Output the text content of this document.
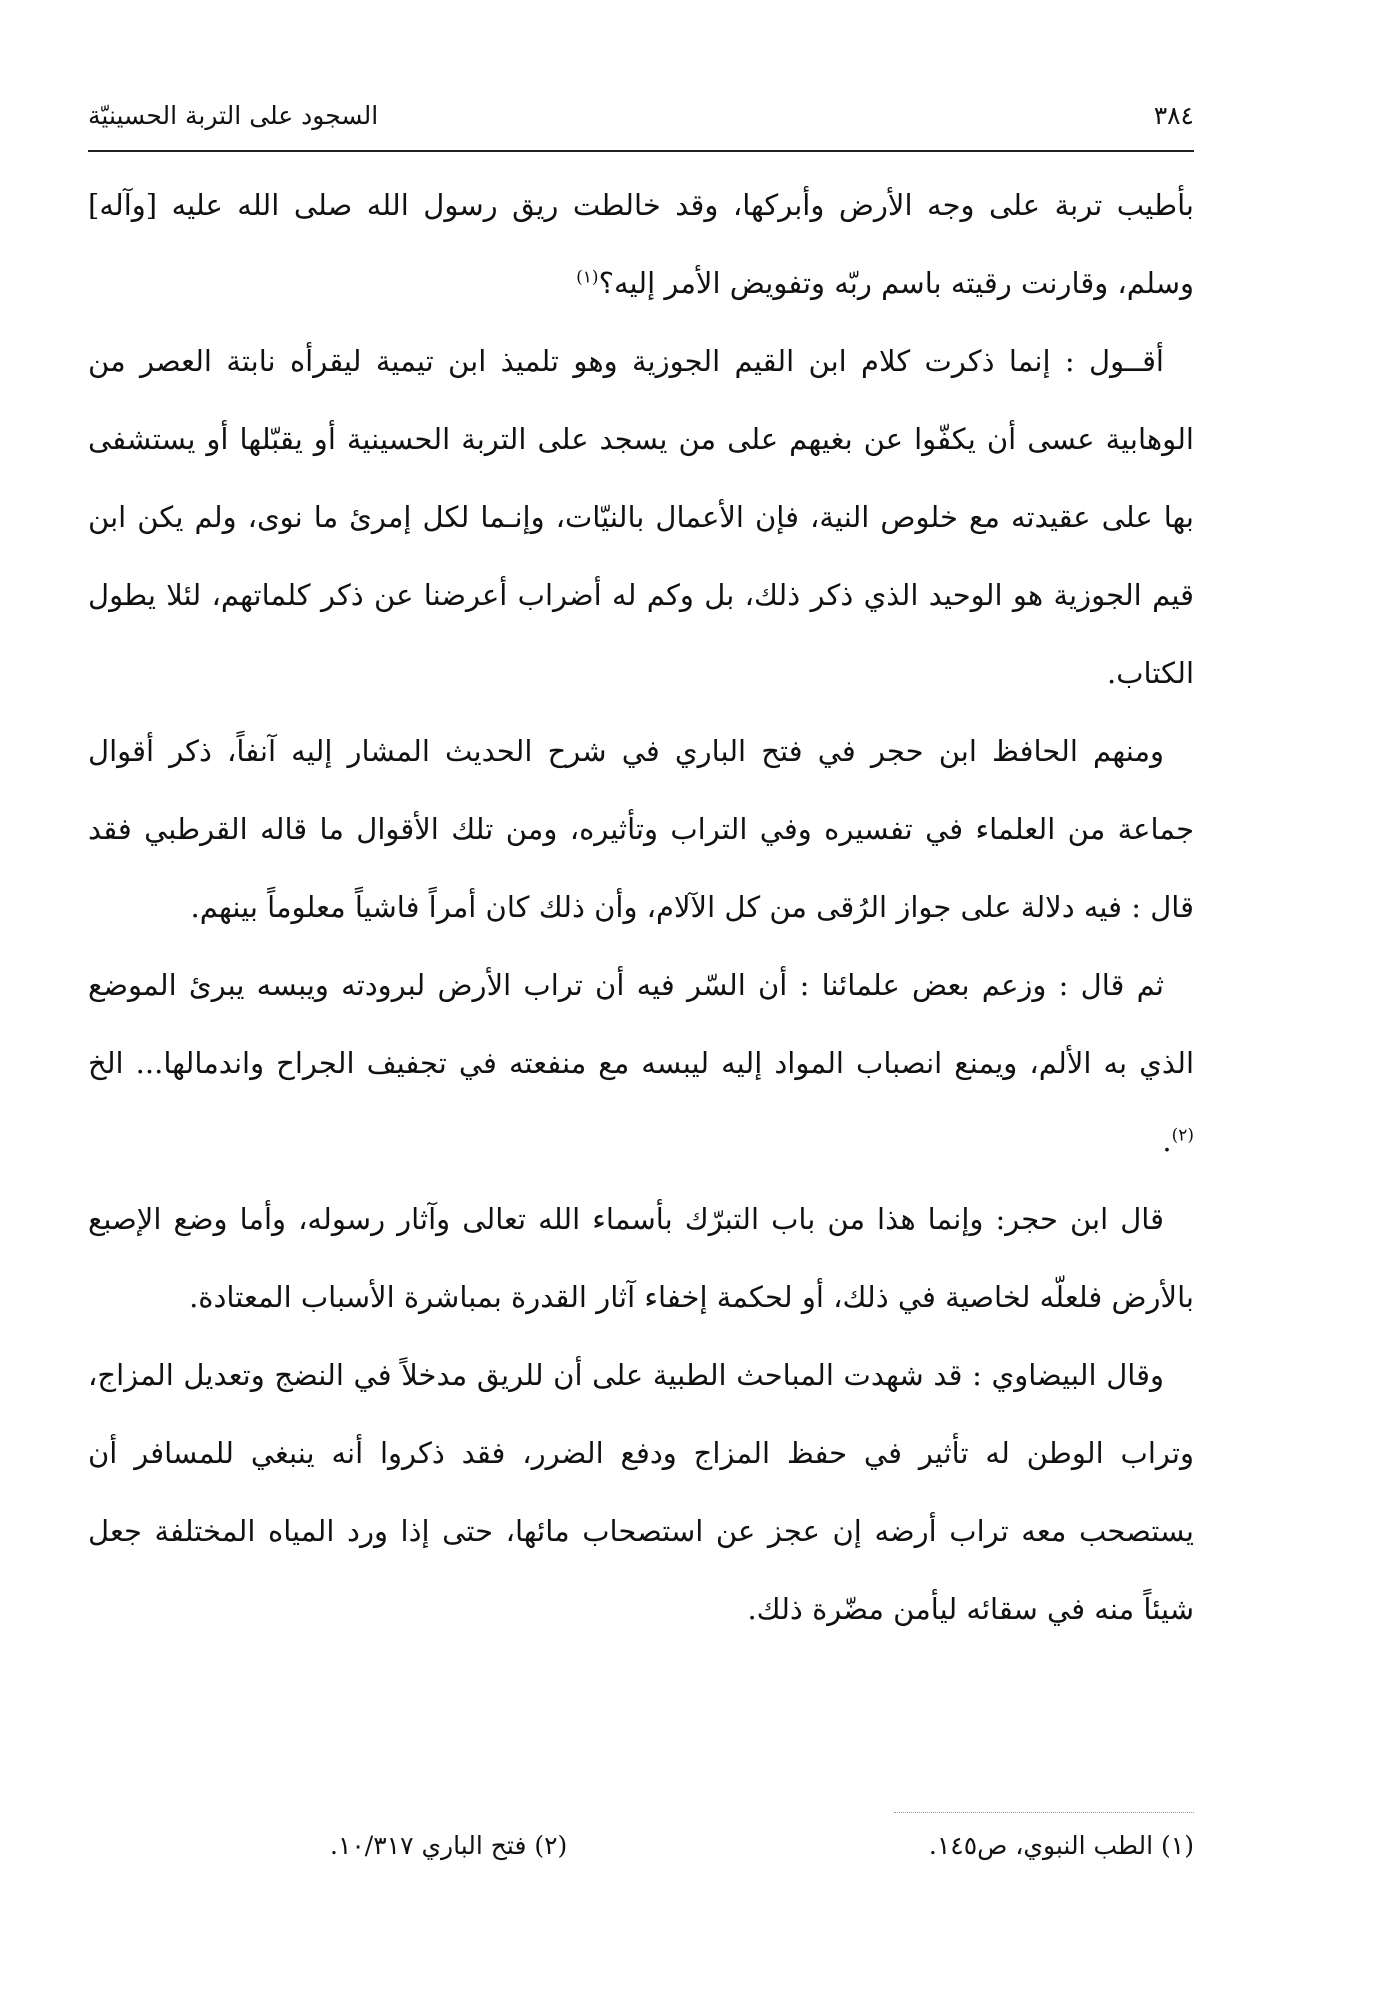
٣٨٤
السجود على التربة الحسينيّة

بأطيب تربة على وجه الأرض وأبركها، وقد خالطت ريق رسول الله صلى الله عليه [وآله] وسلم، وقارنت رقيته باسم ربّه وتفويض الأمر إليه؟$^{(١)}$

أقــول : إنما ذكرت كلام ابن القيم الجوزية وهو تلميذ ابن تيمية ليقرأه نابتة العصر من الوهابية عسى أن يكفّوا عن بغيهم على من يسجد على التربة الحسينية أو يقبّلها أو يستشفى بها على عقيدته مع خلوص النية، فإن الأعمال بالنيّات، وإنـما لكل إمرئ ما نوى، ولم يكن ابن قيم الجوزية هو الوحيد الذي ذكر ذلك، بل وكم له أضراب أعرضنا عن ذكر كلماتهم، لئلا يطول الكتاب.

ومنهم الحافظ ابن حجر في فتح الباري في شرح الحديث المشار إليه آنفاً، ذكر أقوال جماعة من العلماء في تفسيره وفي التراب وتأثيره، ومن تلك الأقوال ما قاله القرطبي فقد قال : فيه دلالة على جواز الرُقى من كل الآلام، وأن ذلك كان أمراً فاشياً معلوماً بينهم.

ثم قال : وزعم بعض علمائنا : أن السّر فيه أن تراب الأرض لبرودته ويبسه يبرئ الموضع الذي به الألم، ويمنع انصباب المواد إليه ليبسه مع منفعته في تجفيف الجراح واندمالها... الخ $^{(٢)}$.

قال ابن حجر: وإنما هذا من باب التبرّك بأسماء الله تعالى وآثار رسوله، وأما وضع الإصبع بالأرض فلعلّه لخاصية في ذلك، أو لحكمة إخفاء آثار القدرة بمباشرة الأسباب المعتادة.

وقال البيضاوي : قد شهدت المباحث الطبية على أن للريق مدخلاً في النضج وتعديل المزاج، وتراب الوطن له تأثير في حفظ المزاج ودفع الضرر، فقد ذكروا أنه ينبغي للمسافر أن يستصحب معه تراب أرضه إن عجز عن استصحاب مائها، حتى إذا ورد المياه المختلفة جعل شيئاً منه في سقائه ليأمن مضّرة ذلك.

(١) الطب النبوي، ص١٤٥.
(٢) فتح الباري ١٠/٣١٧.
